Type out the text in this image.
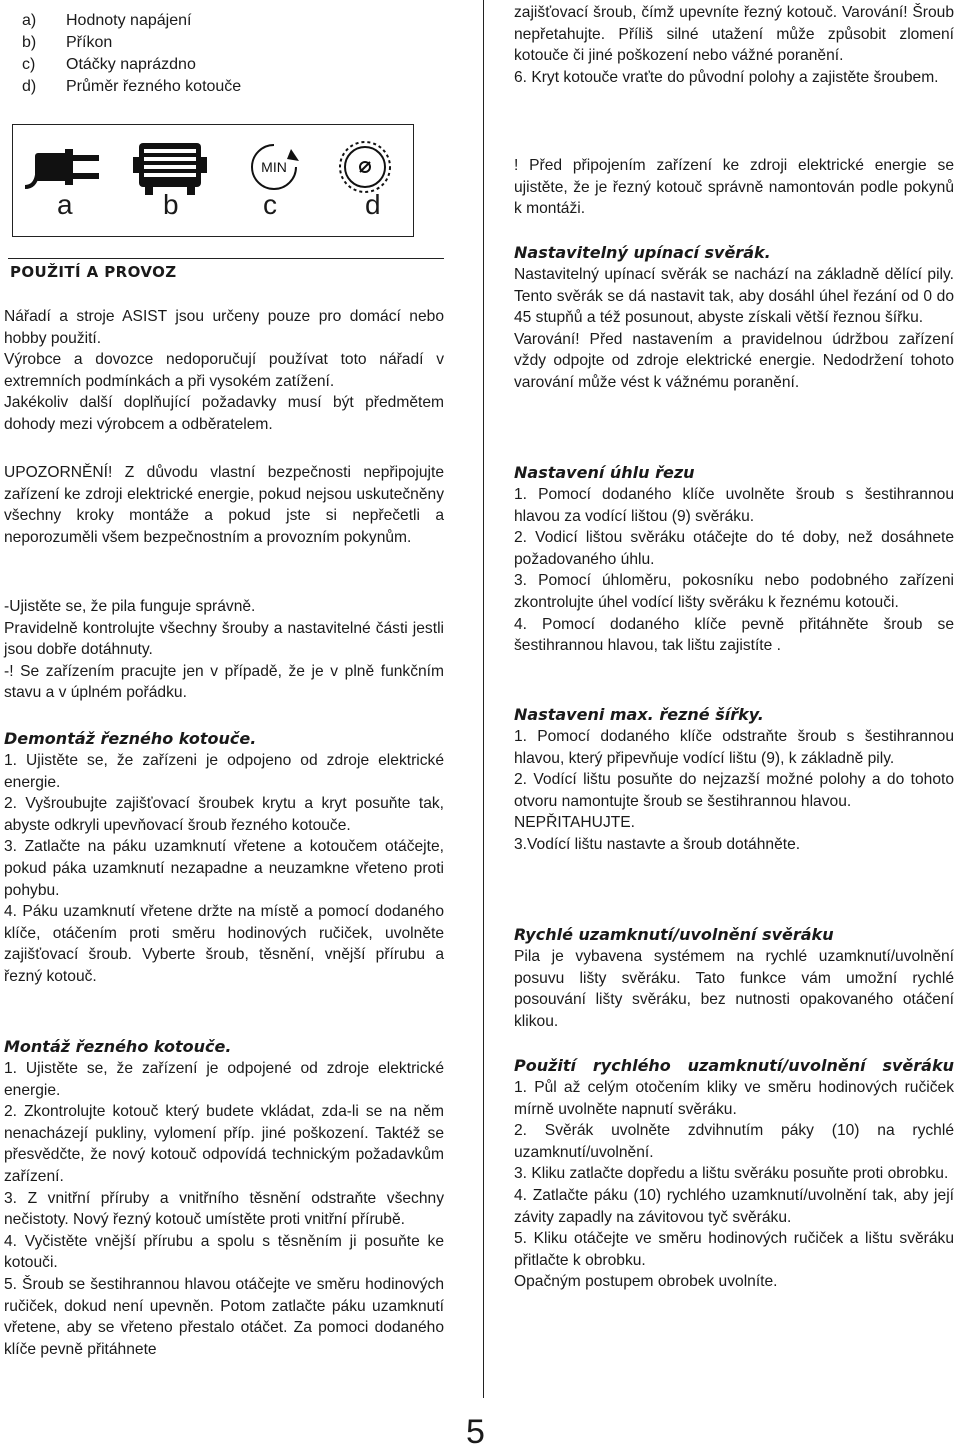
a) Hodnoty napájení
b) Příkon
c) Otáčky naprázdno
d) Průměr řezného kotouče
MIN
a	b	c	d
POUŽITÍ A PROVOZ

Nářadí a stroje ASIST jsou určeny pouze pro domácí nebo hobby použití.

Výrobce a dovozce nedoporučují používat toto nářadí v extremních podmínkách a při vysokém zatížení.

Jakékoliv další doplňující požadavky musí být předmětem dohody mezi výrobcem a odběratelem.

UPOZORNĚNÍ! Z důvodu vlastní bezpečnosti nepřipojujte zařízení ke zdroji elektrické energie, pokud nejsou uskutečněny všechny kroky montáže a pokud jste si nepřečetli a neporozuměli všem bezpečnostním a provozním pokynům.

-Ujistěte se, že pila funguje správně.

Pravidelně kontrolujte všechny šrouby a nastavitelné části jestli jsou dobře dotáhnuty.

-! Se zařízením pracujte jen v případě, že je v plně funkčním stavu a v úplném pořádku.

Demontáž řezného kotouče.

1. Ujistěte se, že zařízeni je odpojeno od zdroje elektrické energie.

2. Vyšroubujte zajišťovací šroubek krytu a kryt posuňte tak, abyste odkryli upevňovací šroub řezného kotouče.

3. Zatlačte na páku uzamknutí vřetene a kotoučem otáčejte, pokud páka uzamknutí nezapadne a neuzamkne vřeteno proti pohybu.

4. Páku uzamknutí vřetene držte na místě a pomocí dodaného klíče, otáčením proti směru hodinových ručiček, uvolněte zajišťovací šroub. Vyberte šroub, těsnění, vnější přírubu a řezný kotouč.

Montáž řezného kotouče.

1. Ujistěte se, že zařízení je odpojené od zdroje elektrické energie.

2. Zkontrolujte kotouč který budete vkládat, zda-li se na něm nenacházejí pukliny, vylomení příp. jiné poškození. Taktéž se přesvědčte, že nový kotouč odpovídá technickým požadavkům zařízení.

3. Z vnitřní příruby a vnitřního těsnění odstraňte všechny nečistoty. Nový řezný kotouč umístěte proti vnitřní přírubě.

4. Vyčistěte vnější přírubu a spolu s těsněním ji posuňte ke kotouči.

5. Šroub se šestihrannou hlavou otáčejte ve směru hodinových ručiček, dokud není upevněn. Potom zatlačte páku uzamknutí vřetene, aby se vřeteno přestalo otáčet. Za pomoci dodaného klíče pevně přitáhnete

zajišťovací šroub, čímž upevníte řezný kotouč. Varování! Šroub nepřetahujte. Příliš silné utažení může způsobit zlomení kotouče či jiné poškození nebo vážné poranění.

6. Kryt kotouče vraťte do původní polohy a zajistěte šroubem.

! Před připojením zařízení ke zdroji elektrické energie se ujistěte, že je řezný kotouč správně namontován podle pokynů k montáži.

Nastavitelný upínací svěrák.

Nastavitelný upínací svěrák se nachází na základně dělící pily. Tento svěrák se dá nastavit tak, aby dosáhl úhel řezání od 0 do 45 stupňů a též posunout, abyste získali větší řeznou šířku.

Varování! Před nastavením a pravidelnou údržbou zařízení vždy odpojte od zdroje elektrické energie. Nedodržení tohoto varování může vést k vážnému poranění.

Nastavení úhlu řezu

1. Pomocí dodaného klíče uvolněte šroub s šestihrannou hlavou za vodící lištou (9) svěráku.

2. Vodicí lištou svěráku otáčejte do té doby, než dosáhnete požadovaného úhlu.

3. Pomocí úhloměru, pokosníku nebo podobného zařízeni zkontrolujte úhel vodící lišty svěráku k řeznému kotouči.

4. Pomocí dodaného klíče pevně přitáhněte šroub se šestihrannou hlavou, tak lištu zajistíte .

Nastaveni max. řezné šířky.

1. Pomocí dodaného klíče odstraňte šroub s šestihrannou hlavou, který připevňuje vodící lištu (9), k základně pily.

2. Vodící lištu posuňte do nejzazší možné polohy a do tohoto otvoru namontujte šroub se šestihrannou hlavou.

NEPŘITAHUJTE.

3.Vodící lištu nastavte a šroub dotáhněte.

Rychlé uzamknutí/uvolnění svěráku

Pila je vybavena systémem na rychlé uzamknutí/uvolnění posuvu lišty svěráku. Tato funkce vám umožní rychlé posouvání lišty svěráku, bez nutnosti opakovaného otáčení klikou.

Použití rychlého uzamknutí/uvolnění svěráku

1. Půl až celým otočením kliky ve směru hodinových ručiček mírně uvolněte napnutí svěráku.

2. Svěrák uvolněte zdvihnutím páky (10) na rychlé uzamknutí/uvolnění.

3. Kliku zatlačte dopředu a lištu svěráku posuňte proti obrobku.

4. Zatlačte páku (10) rychlého uzamknutí/uvolnění tak, aby její závity zapadly na závitovou tyč svěráku.

5. Kliku otáčejte ve směru hodinových ručiček a lištu svěráku přitlačte k obrobku.

Opačným postupem obrobek uvolníte.

5
